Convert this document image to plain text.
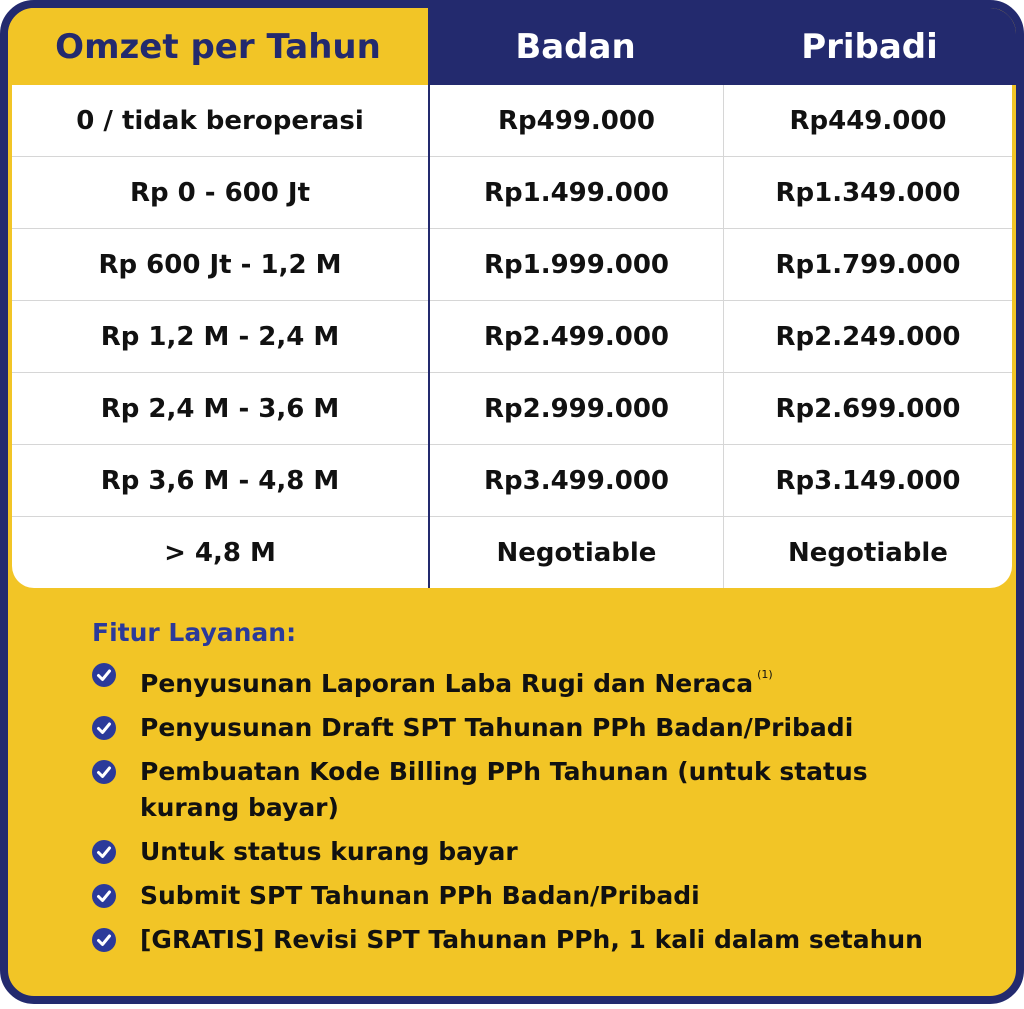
Omzet per Tahun	Badan	Pribadi
0 / tidak beroperasi	Rp499.000	Rp449.000
Rp 0 - 600 Jt	Rp1.499.000	Rp1.349.000
Rp 600 Jt - 1,2 M	Rp1.999.000	Rp1.799.000
Rp 1,2 M - 2,4 M	Rp2.499.000	Rp2.249.000
Rp 2,4 M - 3,6 M	Rp2.999.000	Rp2.699.000
Rp 3,6 M - 4,8 M	Rp3.499.000	Rp3.149.000
> 4,8 M	Negotiable	Negotiable
Fitur Layanan:
Penyusunan Laporan Laba Rugi dan Neraca $^{(1)}$
Penyusunan Draft SPT Tahunan PPh Badan/Pribadi
Pembuatan Kode Billing PPh Tahunan (untuk status kurang bayar)
Untuk status kurang bayar
Submit SPT Tahunan PPh Badan/Pribadi
[GRATIS] Revisi SPT Tahunan PPh, 1 kali dalam setahun
